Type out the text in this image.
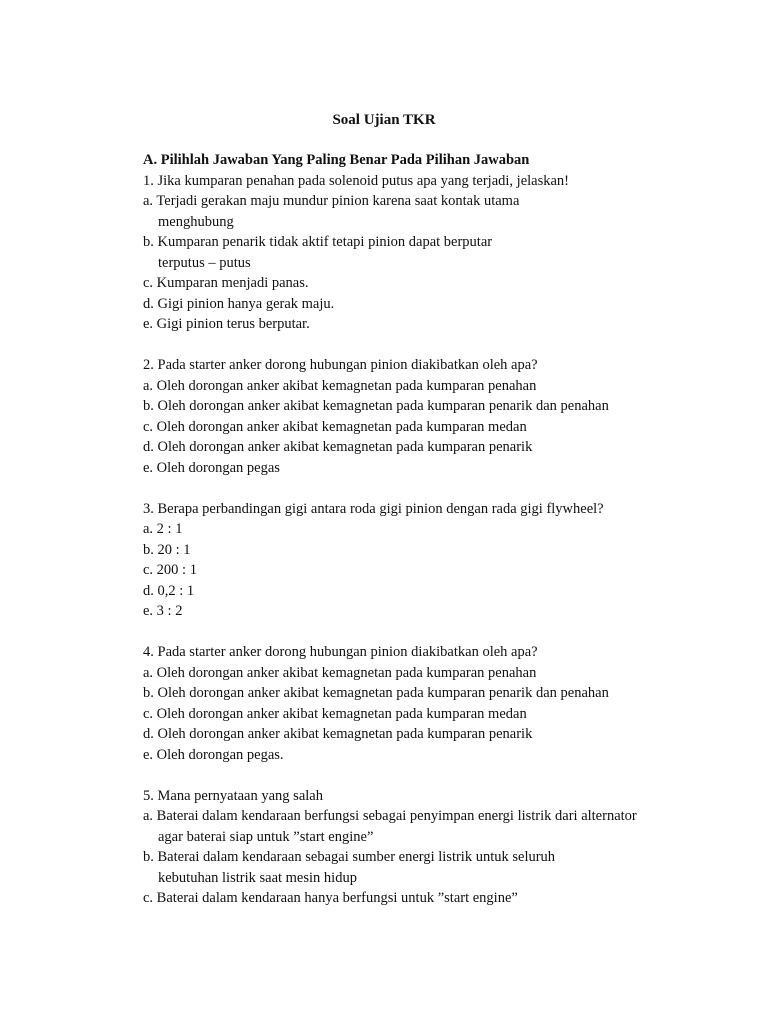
Soal Ujian TKR
A. Pilihlah Jawaban Yang Paling Benar Pada Pilihan Jawaban
1. Jika kumparan penahan pada solenoid putus apa yang terjadi, jelaskan!
a. Terjadi gerakan maju mundur pinion karena saat kontak utama
menghubung
b. Kumparan penarik tidak aktif tetapi pinion dapat berputar
terputus – putus
c. Kumparan menjadi panas.
d. Gigi pinion hanya gerak maju.
e. Gigi pinion terus berputar.
2. Pada starter anker dorong hubungan pinion diakibatkan oleh apa?
a. Oleh dorongan anker akibat kemagnetan pada kumparan penahan
b. Oleh dorongan anker akibat kemagnetan pada kumparan penarik dan penahan
c. Oleh dorongan anker akibat kemagnetan pada kumparan medan
d. Oleh dorongan anker akibat kemagnetan pada kumparan penarik
e. Oleh dorongan pegas
3. Berapa perbandingan gigi antara roda gigi pinion dengan rada gigi flywheel?
a. 2 : 1
b. 20 : 1
c. 200 : 1
d. 0,2 : 1
e. 3 : 2
4. Pada starter anker dorong hubungan pinion diakibatkan oleh apa?
a. Oleh dorongan anker akibat kemagnetan pada kumparan penahan
b. Oleh dorongan anker akibat kemagnetan pada kumparan penarik dan penahan
c. Oleh dorongan anker akibat kemagnetan pada kumparan medan
d. Oleh dorongan anker akibat kemagnetan pada kumparan penarik
e. Oleh dorongan pegas.
5. Mana pernyataan yang salah
a. Baterai dalam kendaraan berfungsi sebagai penyimpan energi listrik dari alternator
agar baterai siap untuk ”start engine”
b. Baterai dalam kendaraan sebagai sumber energi listrik untuk seluruh
kebutuhan listrik saat mesin hidup
c. Baterai dalam kendaraan hanya berfungsi untuk ”start engine”
